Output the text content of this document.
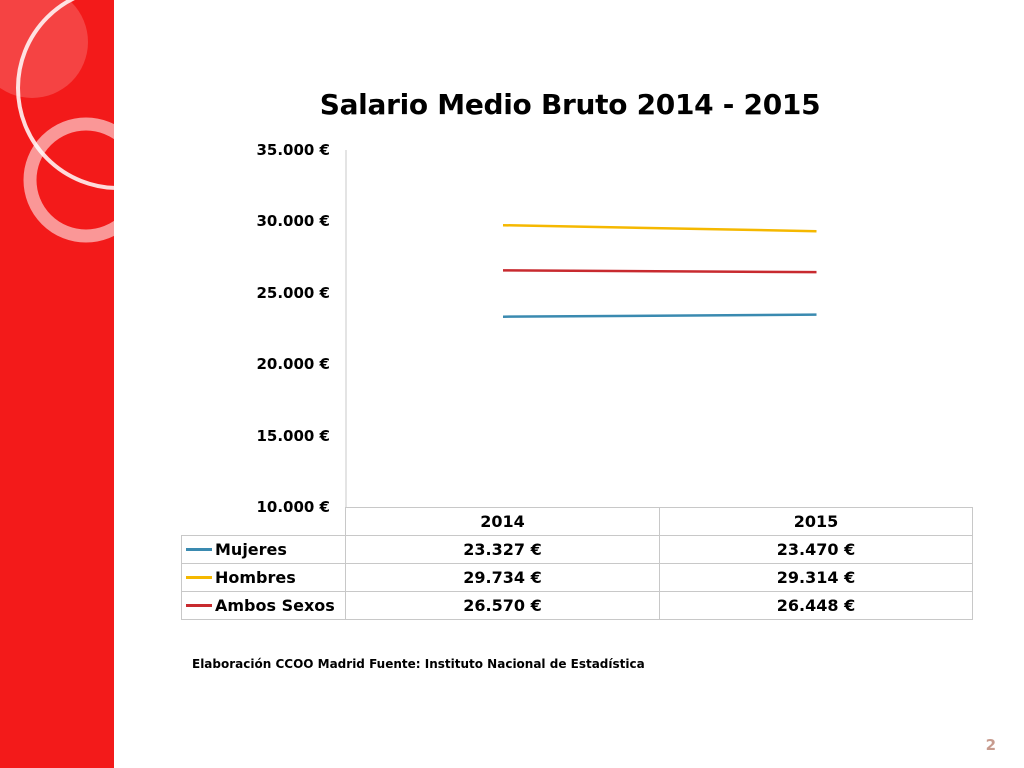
Salario Medio Bruto 2014 - 2015
35.000 €
30.000 €
25.000 €
20.000 €
15.000 €
10.000 €
	2014	2015
Mujeres	23.327 €	23.470 €
Hombres	29.734 €	29.314 €
Ambos Sexos	26.570 €	26.448 €
Elaboración CCOO Madrid Fuente: Instituto Nacional de Estadística
2
